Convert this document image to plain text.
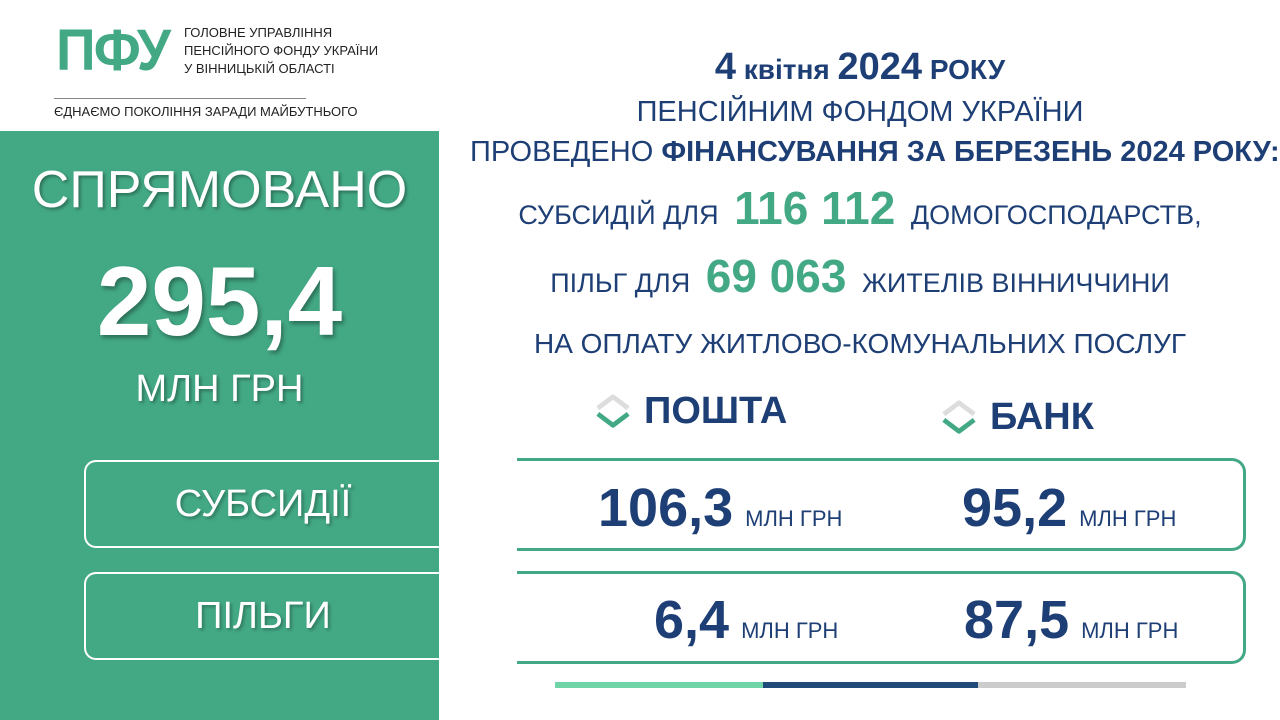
ПФУ ГОЛОВНЕ УПРАВЛІННЯ
ПЕНСІЙНОГО ФОНДУ УКРАЇНИ
У ВІННИЦЬКІЙ ОБЛАСТІ
ЄДНАЄМО ПОКОЛІННЯ ЗАРАДИ МАЙБУТНЬОГО
СПРЯМОВАНО
295,4
МЛН ГРН
СУБСИДІЇ
ПІЛЬГИ
4 квітня 2024 РОКУ
ПЕНСІЙНИМ ФОНДОМ УКРАЇНИ
ПРОВЕДЕНО ФІНАНСУВАННЯ ЗА БЕРЕЗЕНЬ 2024 РОКУ:
СУБСИДІЙ ДЛЯ 116 112 ДОМОГОСПОДАРСТВ,
ПІЛЬГ ДЛЯ 69 063 ЖИТЕЛІВ ВІННИЧЧИНИ
НА ОПЛАТУ ЖИТЛОВО-КОМУНАЛЬНИХ ПОСЛУГ
ПОШТА	БАНК
106,3 МЛН ГРН 95,2 МЛН ГРН
6,4 МЛН ГРН 87,5 МЛН ГРН
